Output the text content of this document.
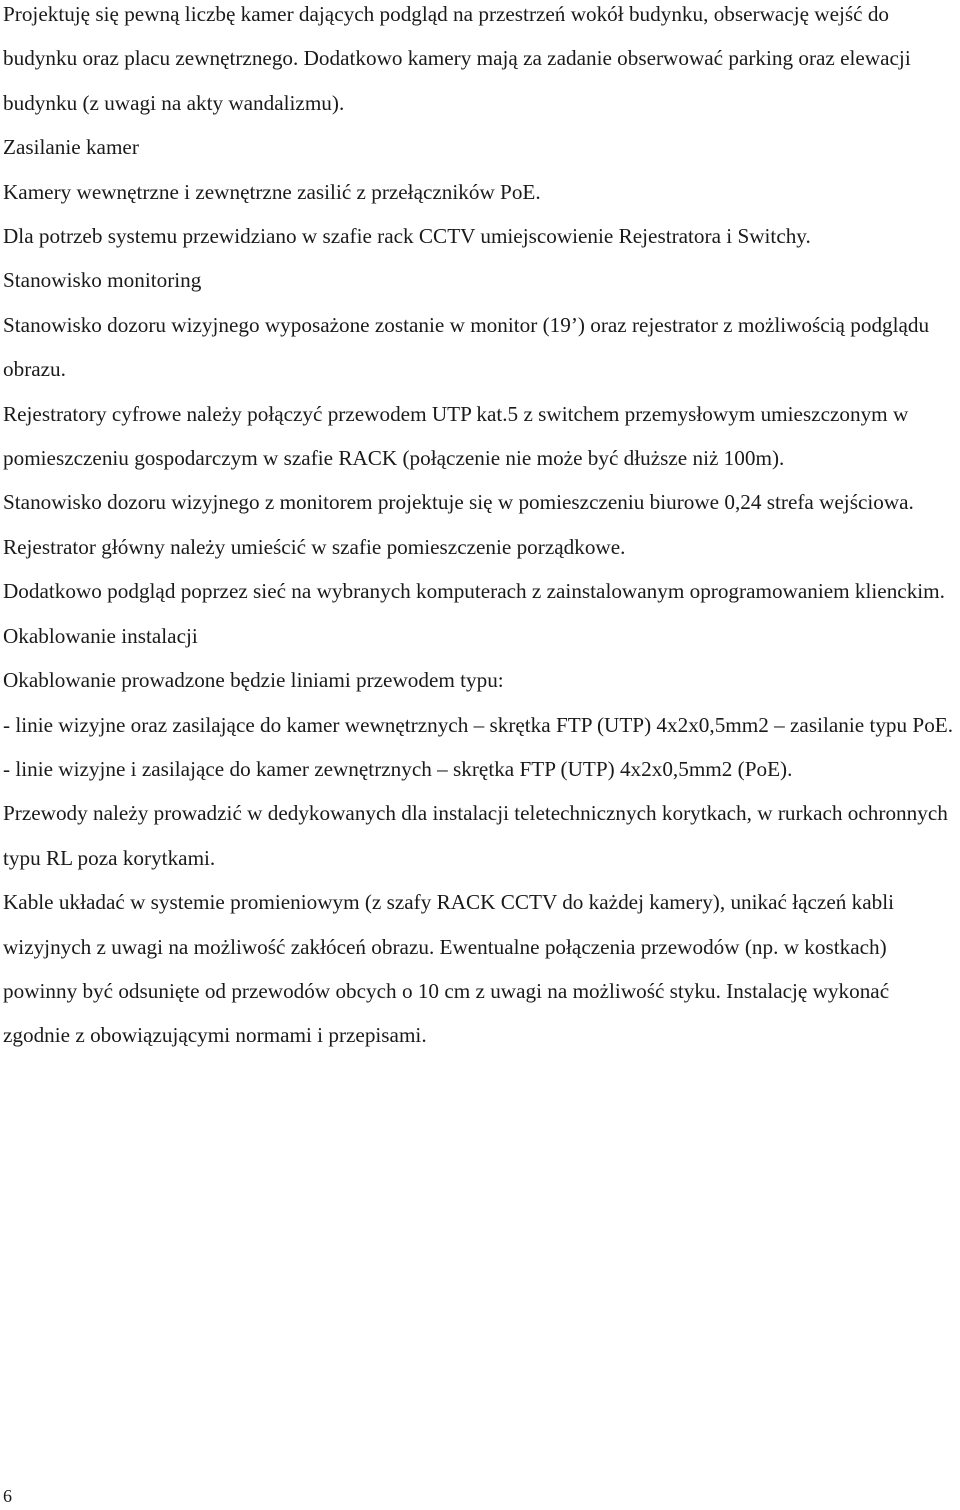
Projektuję się pewną liczbę kamer dających podgląd na przestrzeń wokół budynku, obserwację wejść do budynku oraz placu zewnętrznego. Dodatkowo kamery mają za zadanie obserwować parking oraz elewacji budynku (z uwagi na akty wandalizmu).

Zasilanie kamer

Kamery wewnętrzne i zewnętrzne zasilić z przełączników PoE.

Dla potrzeb systemu przewidziano w szafie rack CCTV umiejscowienie Rejestratora i Switchy.

Stanowisko monitoring

Stanowisko dozoru wizyjnego wyposażone zostanie w monitor (19’) oraz rejestrator z możliwością podglądu obrazu.

Rejestratory cyfrowe należy połączyć przewodem UTP kat.5 z switchem przemysłowym umieszczonym w pomieszczeniu gospodarczym w szafie RACK (połączenie nie może być dłuższe niż 100m).

Stanowisko dozoru wizyjnego z monitorem projektuje się w pomieszczeniu biurowe 0,24 strefa wejściowa.

Rejestrator główny należy umieścić w szafie pomieszczenie porządkowe.

Dodatkowo podgląd poprzez sieć na wybranych komputerach z zainstalowanym oprogramowaniem klienckim.

Okablowanie instalacji

Okablowanie prowadzone będzie liniami przewodem typu:

- linie wizyjne oraz zasilające do kamer wewnętrznych – skrętka FTP (UTP) 4x2x0,5mm2 – zasilanie typu PoE.

- linie wizyjne i zasilające do kamer zewnętrznych – skrętka FTP (UTP) 4x2x0,5mm2 (PoE).

Przewody należy prowadzić w dedykowanych dla instalacji teletechnicznych korytkach, w rurkach ochronnych typu RL poza korytkami.

Kable układać w systemie promieniowym (z szafy RACK CCTV do każdej kamery), unikać łączeń kabli wizyjnych z uwagi na możliwość zakłóceń obrazu. Ewentualne połączenia przewodów (np. w kostkach) powinny być odsunięte od przewodów obcych o 10 cm z uwagi na możliwość styku. Instalację wykonać zgodnie z obowiązującymi normami i przepisami.

6
